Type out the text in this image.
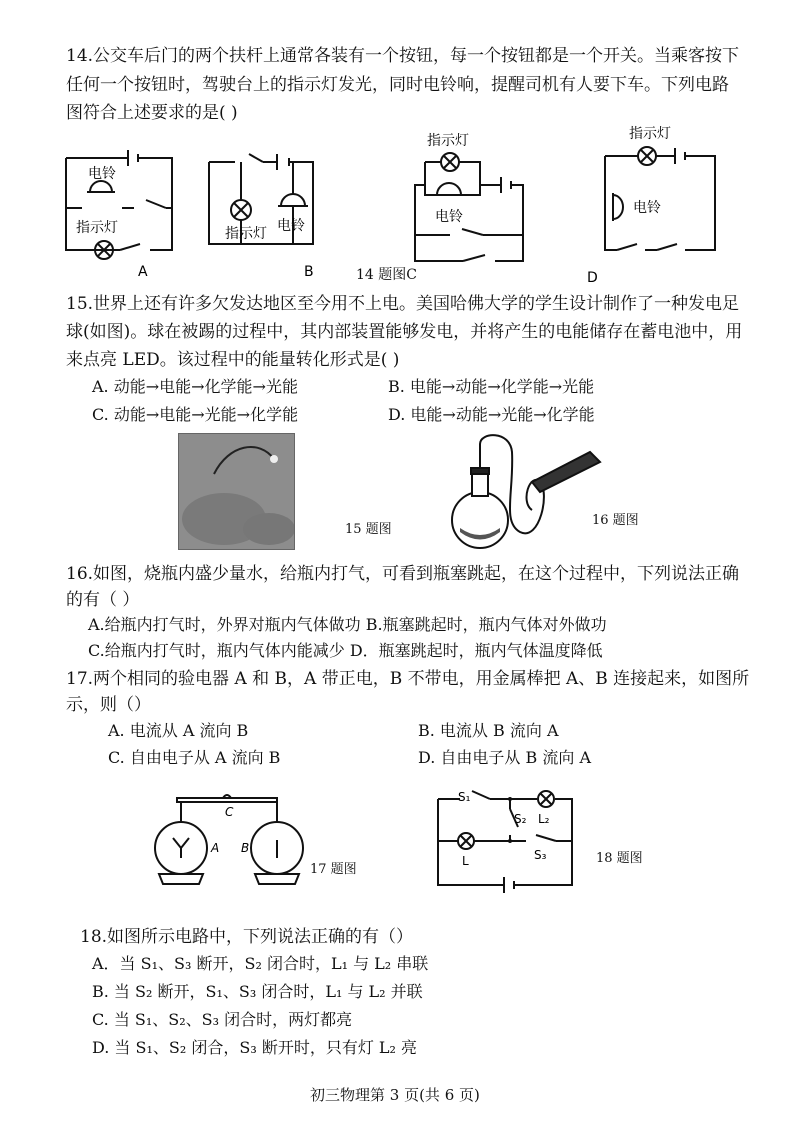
14.公交车后门的两个扶杆上通常各装有一个按钮，每一个按钮都是一个开关。当乘客按下
任何一个按钮时，驾驶台上的指示灯发光，同时电铃响，提醒司机有人要下车。下列电路
图符合上述要求的是( )
电铃
指示灯
A
指示灯 电铃
B
指示灯
电铃
14 题图C
指示灯
电铃
D
15.世界上还有许多欠发达地区至今用不上电。美国哈佛大学的学生设计制作了一种发电足
球(如图)。球在被踢的过程中，其内部装置能够发电，并将产生的电能储存在蓄电池中，用
来点亮 LED。该过程中的能量转化形式是( )
A. 动能→电能→化学能→光能	B. 电能→动能→化学能→光能
C. 动能→电能→光能→化学能	D. 电能→动能→光能→化学能
15 题图
16 题图
16.如图，烧瓶内盛少量水，给瓶内打气，可看到瓶塞跳起，在这个过程中，下列说法正确
的有（ ）
A.给瓶内打气时，外界对瓶内气体做功 B.瓶塞跳起时，瓶内气体对外做功
C.给瓶内打气时，瓶内气体内能减少 D．瓶塞跳起时，瓶内气体温度降低
17.两个相同的验电器 A 和 B，A 带正电，B 不带电，用金属棒把 A、B 连接起来，如图所
示，则（）
A. 电流从 A 流向 B	B. 电流从 B 流向 A
C. 自由电子从 A 流向 B	D. 自由电子从 B 流向 A
C
A B
17 题图
S₁
S₂ L₂
L	S₃	18 题图
18.如图所示电路中，下列说法正确的有（）
A．当 S₁、S₃ 断开，S₂ 闭合时，L₁ 与 L₂ 串联
B. 当 S₂ 断开，S₁、S₃ 闭合时，L₁ 与 L₂ 并联
C. 当 S₁、S₂、S₃ 闭合时，两灯都亮
D. 当 S₁、S₂ 闭合，S₃ 断开时，只有灯 L₂ 亮
初三物理第 3 页(共 6 页)
